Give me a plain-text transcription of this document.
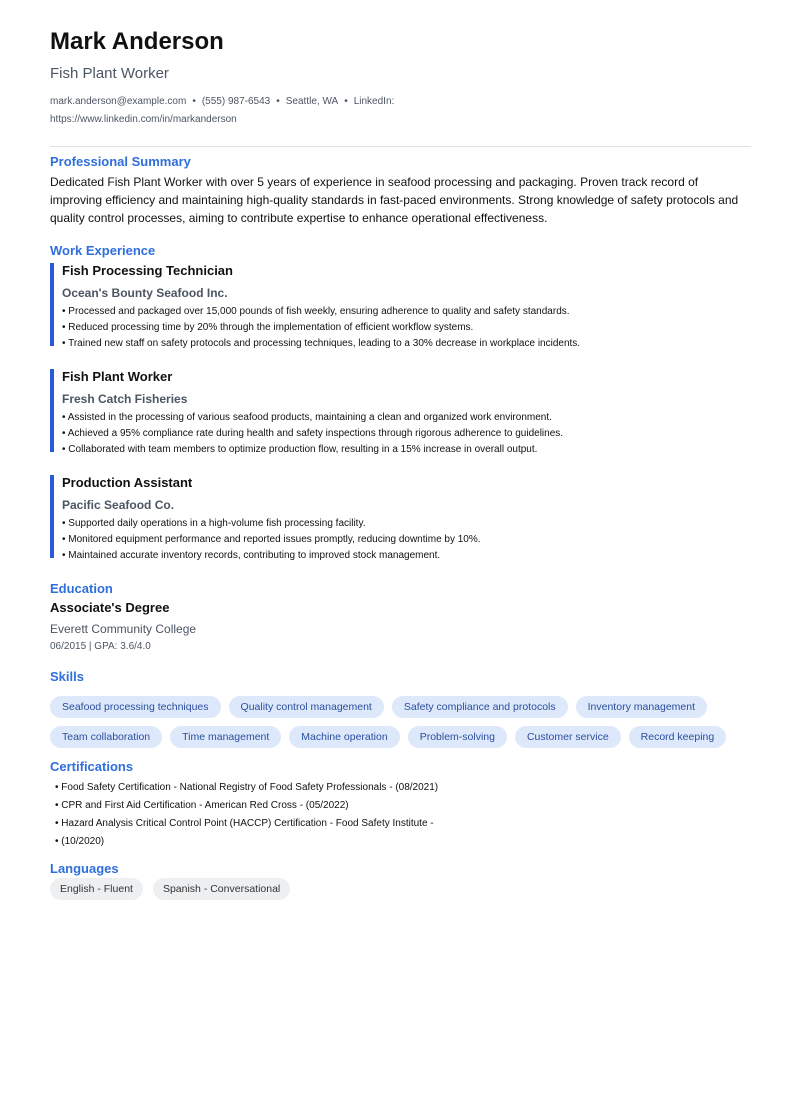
Mark Anderson
Fish Plant Worker
mark.anderson@example.com • (555) 987-6543 • Seattle, WA • LinkedIn:
https://www.linkedin.com/in/markanderson
Professional Summary
Dedicated Fish Plant Worker with over 5 years of experience in seafood processing and packaging. Proven track record of improving efficiency and maintaining high-quality standards in fast-paced environments. Strong knowledge of safety protocols and quality control processes, aiming to contribute expertise to enhance operational effectiveness.
Work Experience
Fish Processing Technician
Ocean's Bounty Seafood Inc.
• Processed and packaged over 15,000 pounds of fish weekly, ensuring adherence to quality and safety standards.
• Reduced processing time by 20% through the implementation of efficient workflow systems.
• Trained new staff on safety protocols and processing techniques, leading to a 30% decrease in workplace incidents.
Fish Plant Worker
Fresh Catch Fisheries
• Assisted in the processing of various seafood products, maintaining a clean and organized work environment.
• Achieved a 95% compliance rate during health and safety inspections through rigorous adherence to guidelines.
• Collaborated with team members to optimize production flow, resulting in a 15% increase in overall output.
Production Assistant
Pacific Seafood Co.
• Supported daily operations in a high-volume fish processing facility.
• Monitored equipment performance and reported issues promptly, reducing downtime by 10%.
• Maintained accurate inventory records, contributing to improved stock management.
Education
Associate's Degree
Everett Community College
06/2015 | GPA: 3.6/4.0
Skills
Seafood processing techniques	Quality control management	Safety compliance and protocols	Inventory management
Team collaboration	Time management	Machine operation	Problem-solving	Customer service	Record keeping
Certifications
• Food Safety Certification - National Registry of Food Safety Professionals - (08/2021)
• CPR and First Aid Certification - American Red Cross - (05/2022)
• Hazard Analysis Critical Control Point (HACCP) Certification - Food Safety Institute -
• (10/2020)
Languages
English - Fluent	Spanish - Conversational
